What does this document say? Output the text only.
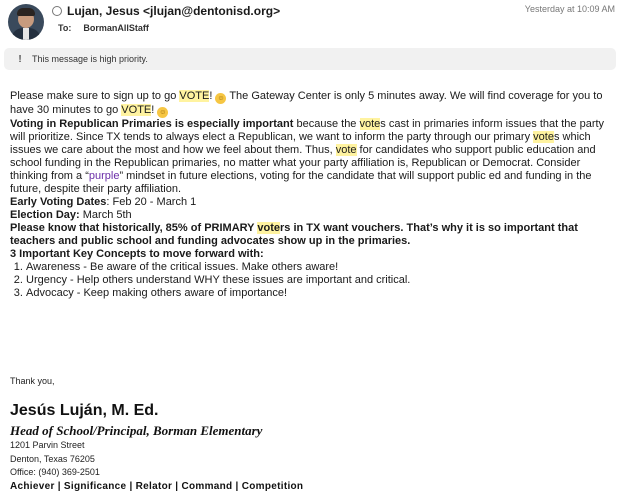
Lujan, Jesus <jlujan@dentonisd.org>
To: BormanAllStaff
Yesterday at 10:09 AM
!	This message is high priority.

Please make sure to sign up to go VOTE! ☺ The Gateway Center is only 5 minutes away. We will find coverage for you to have 30 minutes to go VOTE! ☺

Voting in Republican Primaries is especially important because the votes cast in primaries inform issues that the party will prioritize. Since TX tends to always elect a Republican, we want to inform the party through our primary votes which issues we care about the most and how we feel about them. Thus, vote for candidates who support public education and school funding in the Republican primaries, no matter what your party affiliation is, Republican or Democrat. Consider thinking from a “purple” mindset in future elections, voting for the candidate that will support public ed and funding in the future, despite their party affiliation.

Early Voting Dates: Feb 20 - March 1
Election Day: March 5th

Please know that historically, 85% of PRIMARY voters in TX want vouchers. That’s why it is so important that teachers and public school and funding advocates show up in the primaries.

3 Important Key Concepts to move forward with:

1. Awareness - Be aware of the critical issues. Make others aware!
2. Urgency - Help others understand WHY these issues are important and critical.
3. Advocacy - Keep making others aware of importance!
Thank you,
Jesús Luján, M. Ed.
Head of School/Principal, Borman Elementary
1201 Parvin Street
Denton, Texas 76205
Office: (940) 369-2501
Achiever | Significance | Relator | Command | Competition
